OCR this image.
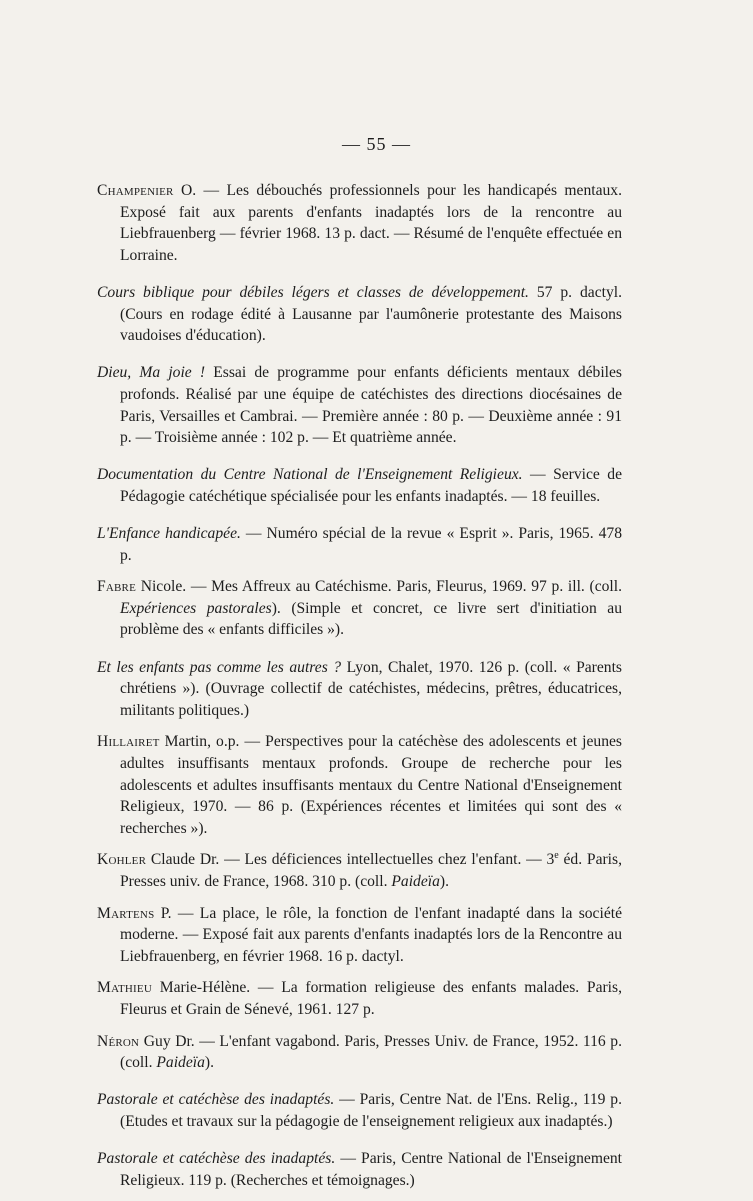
— 55 —

Champenier O. — Les débouchés professionnels pour les handicapés mentaux. Exposé fait aux parents d'enfants inadaptés lors de la rencontre au Liebfrauenberg — février 1968. 13 p. dact. — Résumé de l'enquête effectuée en Lorraine.

Cours biblique pour débiles légers et classes de développement. 57 p. dactyl. (Cours en rodage édité à Lausanne par l'aumônerie protestante des Maisons vaudoises d'éducation).

Dieu, Ma joie ! Essai de programme pour enfants déficients mentaux débiles profonds. Réalisé par une équipe de catéchistes des directions diocésaines de Paris, Versailles et Cambrai. — Première année : 80 p. — Deuxième année : 91 p. — Troisième année : 102 p. — Et quatrième année.

Documentation du Centre National de l'Enseignement Religieux. — Service de Pédagogie catéchétique spécialisée pour les enfants inadaptés. — 18 feuilles.

L'Enfance handicapée. — Numéro spécial de la revue « Esprit ». Paris, 1965. 478 p.

Fabre Nicole. — Mes Affreux au Catéchisme. Paris, Fleurus, 1969. 97 p. ill. (coll. Expériences pastorales). (Simple et concret, ce livre sert d'initiation au problème des « enfants difficiles »).

Et les enfants pas comme les autres ? Lyon, Chalet, 1970. 126 p. (coll. « Parents chrétiens »). (Ouvrage collectif de catéchistes, médecins, prêtres, éducatrices, militants politiques.)

Hillairet Martin, o.p. — Perspectives pour la catéchèse des adolescents et jeunes adultes insuffisants mentaux profonds. Groupe de recherche pour les adolescents et adultes insuffisants mentaux du Centre National d'Enseignement Religieux, 1970. — 86 p. (Expériences récentes et limitées qui sont des « recherches »).

Kohler Claude Dr. — Les déficiences intellectuelles chez l'enfant. — 3e éd. Paris, Presses univ. de France, 1968. 310 p. (coll. Paideïa).

Martens P. — La place, le rôle, la fonction de l'enfant inadapté dans la société moderne. — Exposé fait aux parents d'enfants inadaptés lors de la Rencontre au Liebfrauenberg, en février 1968. 16 p. dactyl.

Mathieu Marie-Hélène. — La formation religieuse des enfants malades. Paris, Fleurus et Grain de Sénevé, 1961. 127 p.

Néron Guy Dr. — L'enfant vagabond. Paris, Presses Univ. de France, 1952. 116 p. (coll. Paideïa).

Pastorale et catéchèse des inadaptés. — Paris, Centre Nat. de l'Ens. Relig., 119 p. (Etudes et travaux sur la pédagogie de l'enseignement religieux aux inadaptés.)

Pastorale et catéchèse des inadaptés. — Paris, Centre National de l'Enseignement Religieux. 119 p. (Recherches et témoignages.)
